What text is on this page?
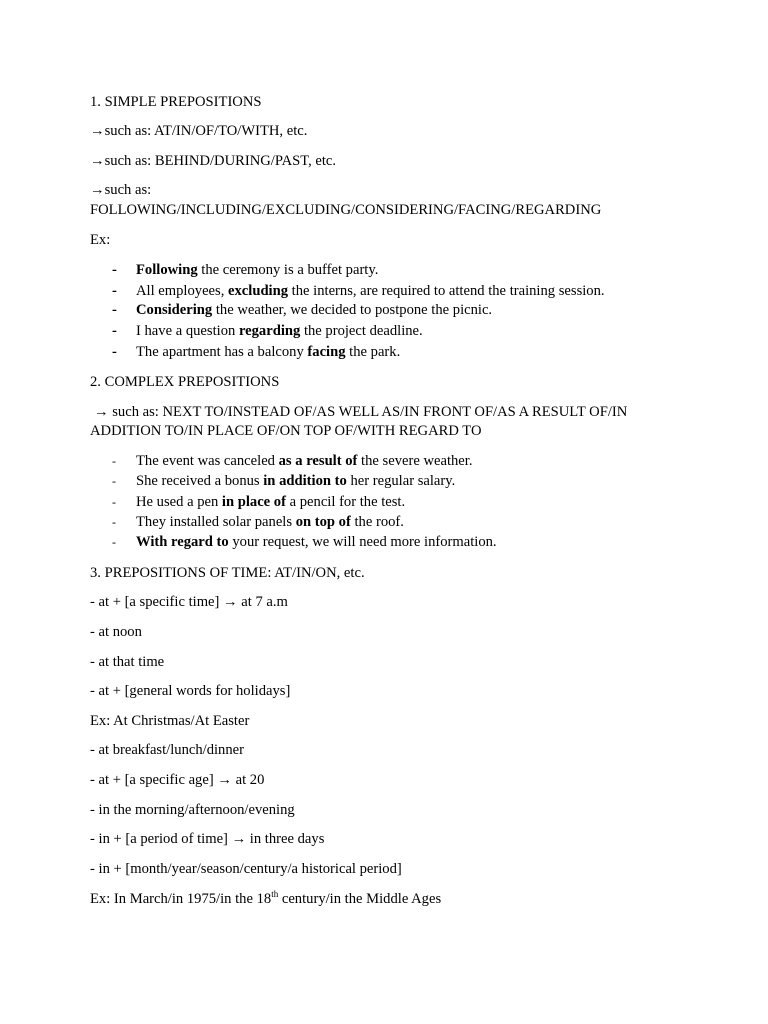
1. SIMPLE PREPOSITIONS
→such as: AT/IN/OF/TO/WITH, etc.
→such as: BEHIND/DURING/PAST, etc.
→such as:
FOLLOWING/INCLUDING/EXCLUDING/CONSIDERING/FACING/REGARDING
Ex:
- Following the ceremony is a buffet party.
- All employees, excluding the interns, are required to attend the training session.
- Considering the weather, we decided to postpone the picnic.
- I have a question regarding the project deadline.
- The apartment has a balcony facing the park.
2. COMPLEX PREPOSITIONS
→ such as: NEXT TO/INSTEAD OF/AS WELL AS/IN FRONT OF/AS A RESULT OF/IN
ADDITION TO/IN PLACE OF/ON TOP OF/WITH REGARD TO
- The event was canceled as a result of the severe weather.
- She received a bonus in addition to her regular salary.
- He used a pen in place of a pencil for the test.
- They installed solar panels on top of the roof.
- With regard to your request, we will need more information.
3. PREPOSITIONS OF TIME: AT/IN/ON, etc.
- at + [a specific time] → at 7 a.m
- at noon
- at that time
- at + [general words for holidays]
Ex: At Christmas/At Easter
- at breakfast/lunch/dinner
- at + [a specific age] → at 20
- in the morning/afternoon/evening
- in + [a period of time] → in three days
- in + [month/year/season/century/a historical period]
Ex: In March/in 1975/in the 18th century/in the Middle Ages
